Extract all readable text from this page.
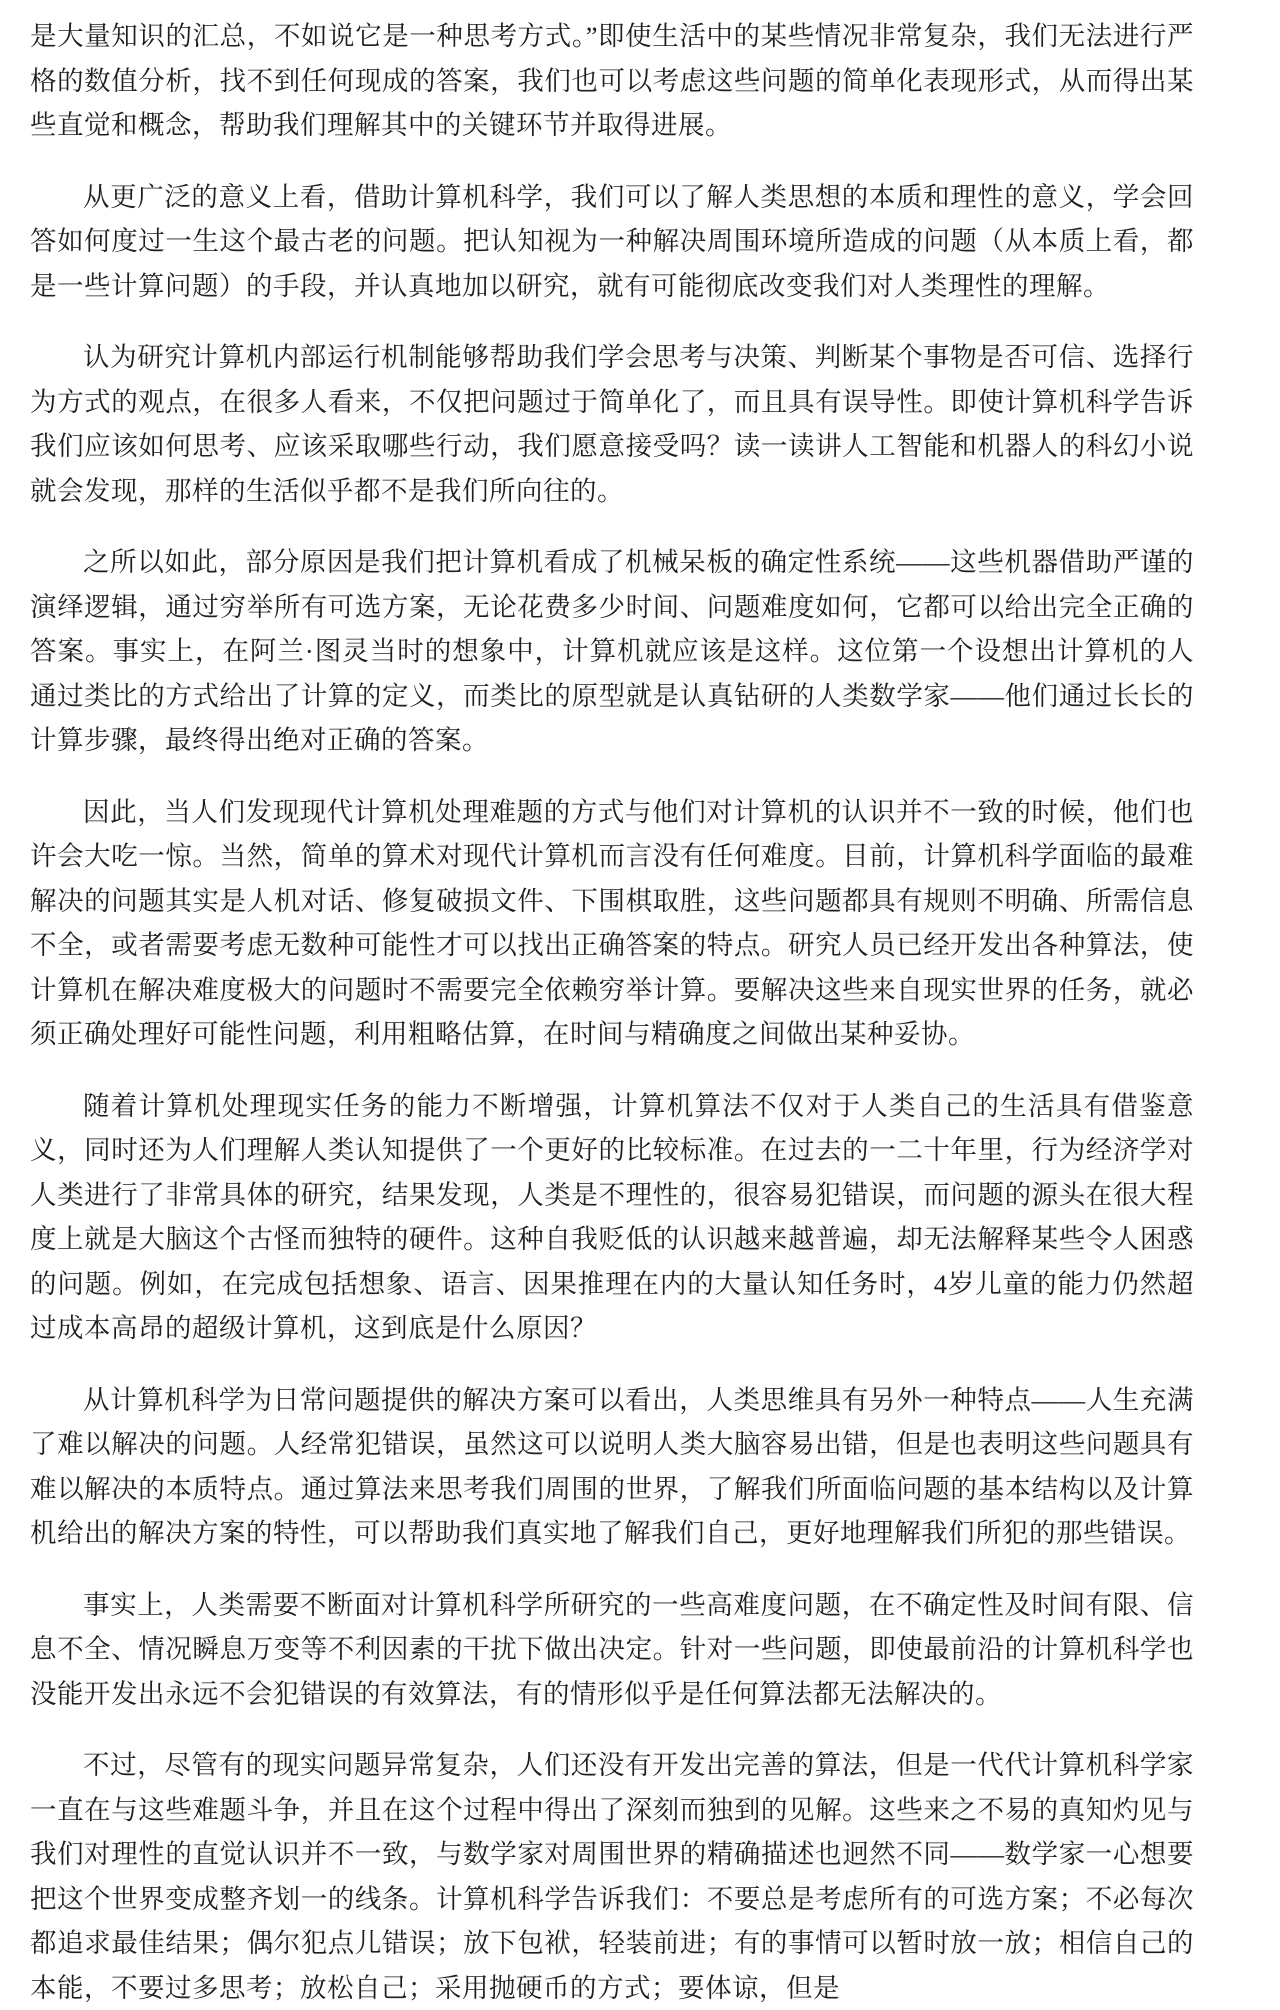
是大量知识的汇总，不如说它是一种思考方式。”即使生活中的某些情况非常复杂，我们无法进行严格的数值分析，找不到任何现成的答案，我们也可以考虑这些问题的简单化表现形式，从而得出某些直觉和概念，帮助我们理解其中的关键环节并取得进展。

从更广泛的意义上看，借助计算机科学，我们可以了解人类思想的本质和理性的意义，学会回答如何度过一生这个最古老的问题。把认知视为一种解决周围环境所造成的问题（从本质上看，都是一些计算问题）的手段，并认真地加以研究，就有可能彻底改变我们对人类理性的理解。

认为研究计算机内部运行机制能够帮助我们学会思考与决策、判断某个事物是否可信、选择行为方式的观点，在很多人看来，不仅把问题过于简单化了，而且具有误导性。即使计算机科学告诉我们应该如何思考、应该采取哪些行动，我们愿意接受吗？读一读讲人工智能和机器人的科幻小说就会发现，那样的生活似乎都不是我们所向往的。

之所以如此，部分原因是我们把计算机看成了机械呆板的确定性系统——这些机器借助严谨的演绎逻辑，通过穷举所有可选方案，无论花费多少时间、问题难度如何，它都可以给出完全正确的答案。事实上，在阿兰·图灵当时的想象中，计算机就应该是这样。这位第一个设想出计算机的人通过类比的方式给出了计算的定义，而类比的原型就是认真钻研的人类数学家——他们通过长长的计算步骤，最终得出绝对正确的答案。

因此，当人们发现现代计算机处理难题的方式与他们对计算机的认识并不一致的时候，他们也许会大吃一惊。当然，简单的算术对现代计算机而言没有任何难度。目前，计算机科学面临的最难解决的问题其实是人机对话、修复破损文件、下围棋取胜，这些问题都具有规则不明确、所需信息不全，或者需要考虑无数种可能性才可以找出正确答案的特点。研究人员已经开发出各种算法，使计算机在解决难度极大的问题时不需要完全依赖穷举计算。要解决这些来自现实世界的任务，就必须正确处理好可能性问题，利用粗略估算，在时间与精确度之间做出某种妥协。

随着计算机处理现实任务的能力不断增强，计算机算法不仅对于人类自己的生活具有借鉴意义，同时还为人们理解人类认知提供了一个更好的比较标准。在过去的一二十年里，行为经济学对人类进行了非常具体的研究，结果发现，人类是不理性的，很容易犯错误，而问题的源头在很大程度上就是大脑这个古怪而独特的硬件。这种自我贬低的认识越来越普遍，却无法解释某些令人困惑的问题。例如，在完成包括想象、语言、因果推理在内的大量认知任务时，4岁儿童的能力仍然超过成本高昂的超级计算机，这到底是什么原因？

从计算机科学为日常问题提供的解决方案可以看出，人类思维具有另外一种特点——人生充满了难以解决的问题。人经常犯错误，虽然这可以说明人类大脑容易出错，但是也表明这些问题具有难以解决的本质特点。通过算法来思考我们周围的世界，了解我们所面临问题的基本结构以及计算机给出的解决方案的特性，可以帮助我们真实地了解我们自己，更好地理解我们所犯的那些错误。

事实上，人类需要不断面对计算机科学所研究的一些高难度问题，在不确定性及时间有限、信息不全、情况瞬息万变等不利因素的干扰下做出决定。针对一些问题，即使最前沿的计算机科学也没能开发出永远不会犯错误的有效算法，有的情形似乎是任何算法都无法解决的。

不过，尽管有的现实问题异常复杂，人们还没有开发出完善的算法，但是一代代计算机科学家一直在与这些难题斗争，并且在这个过程中得出了深刻而独到的见解。这些来之不易的真知灼见与我们对理性的直觉认识并不一致，与数学家对周围世界的精确描述也迥然不同——数学家一心想要把这个世界变成整齐划一的线条。计算机科学告诉我们：不要总是考虑所有的可选方案；不必每次都追求最佳结果；偶尔犯点儿错误；放下包袱，轻装前进；有的事情可以暂时放一放；相信自己的本能，不要过多思考；放松自己；采用抛硬币的方式；要体谅，但是
